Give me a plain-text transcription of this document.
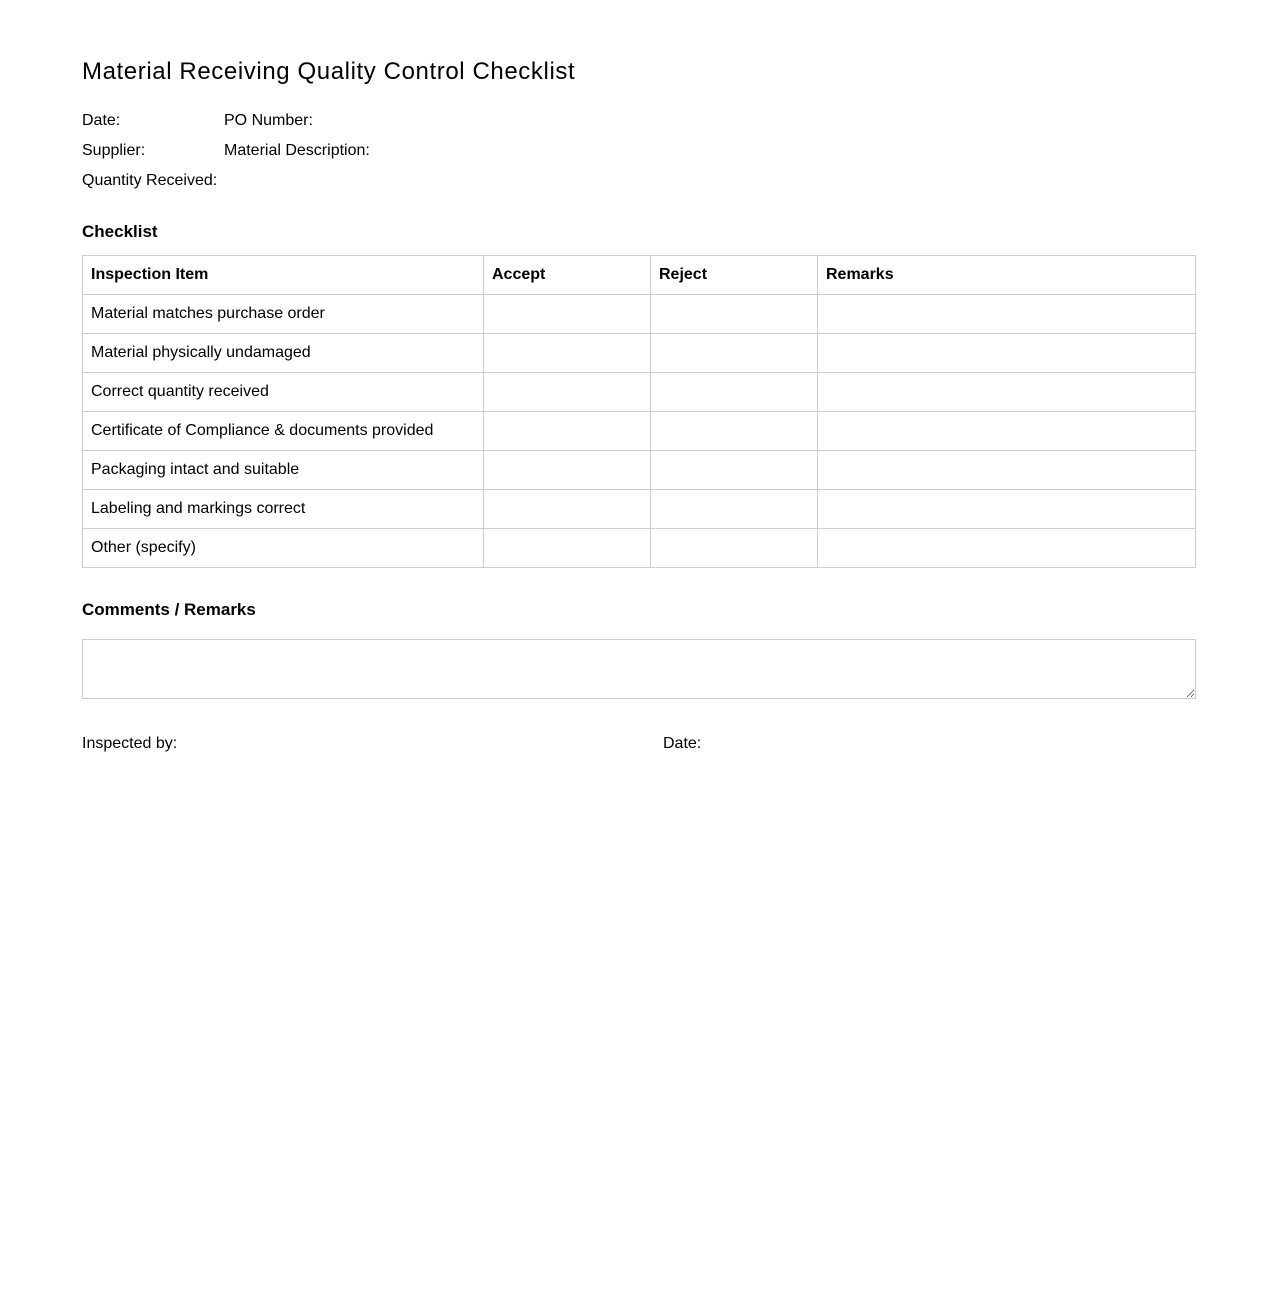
Material Receiving Quality Control Checklist
Date:	PO Number:
Supplier:	Material Description:
Quantity Received:
Checklist
Inspection Item	Accept	Reject	Remarks
Material matches purchase order			
Material physically undamaged			
Correct quantity received			
Certificate of Compliance & documents provided			
Packaging intact and suitable			
Labeling and markings correct			
Other (specify)			
Comments / Remarks
Inspected by:	Date:
